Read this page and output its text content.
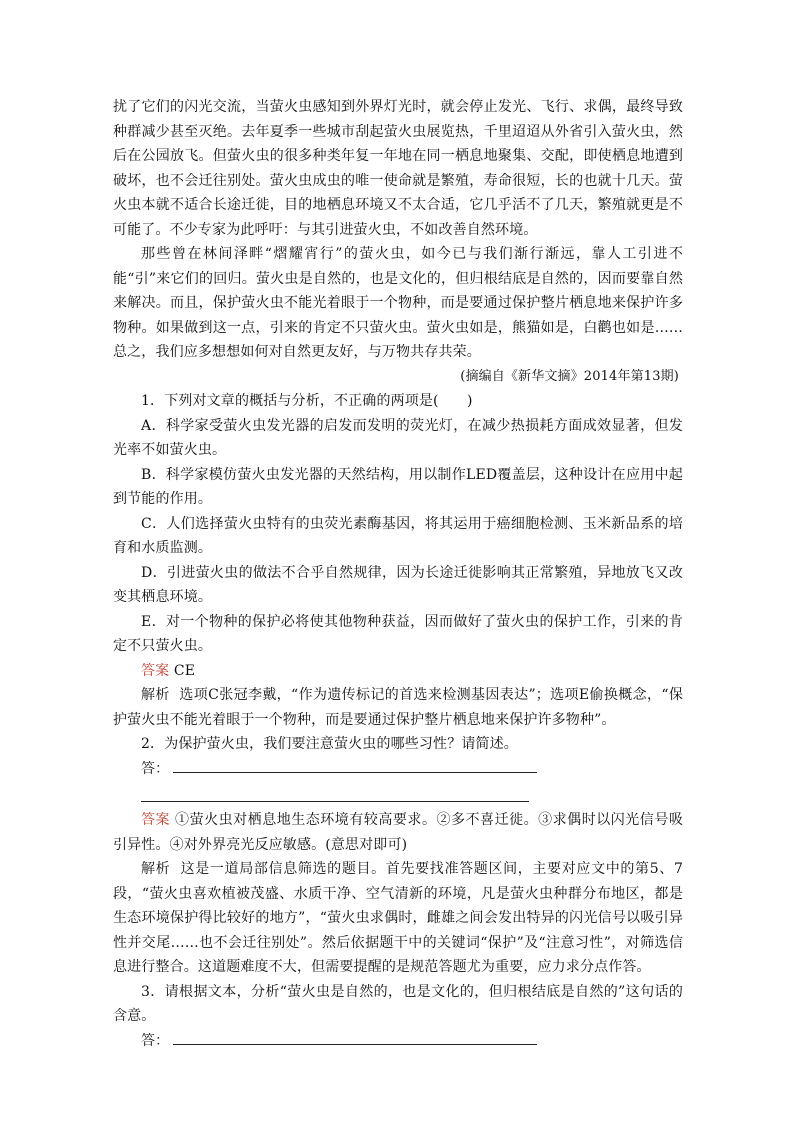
扰了它们的闪光交流，当萤火虫感知到外界灯光时，就会停止发光、飞行、求偶，最终导致种群减少甚至灭绝。去年夏季一些城市刮起萤火虫展览热，千里迢迢从外省引入萤火虫，然后在公园放飞。但萤火虫的很多种类年复一年地在同一栖息地聚集、交配，即使栖息地遭到破坏，也不会迁往别处。萤火虫成虫的唯一使命就是繁殖，寿命很短，长的也就十几天。萤火虫本就不适合长途迁徙，目的地栖息环境又不太合适，它几乎活不了几天，繁殖就更是不可能了。不少专家为此呼吁：与其引进萤火虫，不如改善自然环境。

那些曾在林间泽畔“熠耀宵行”的萤火虫，如今已与我们渐行渐远，靠人工引进不能“引”来它们的回归。萤火虫是自然的，也是文化的，但归根结底是自然的，因而要靠自然来解决。而且，保护萤火虫不能光着眼于一个物种，而是要通过保护整片栖息地来保护许多物种。如果做到这一点，引来的肯定不只萤火虫。萤火虫如是，熊猫如是，白鹳也如是……总之，我们应多想想如何对自然更友好，与万物共存共荣。

(摘编自《新华文摘》2014年第13期)

1．下列对文章的概括与分析，不正确的两项是(　　)

A．科学家受萤火虫发光器的启发而发明的荧光灯，在减少热损耗方面成效显著，但发光率不如萤火虫。

B．科学家模仿萤火虫发光器的天然结构，用以制作LED覆盖层，这种设计在应用中起到节能的作用。

C．人们选择萤火虫特有的虫荧光素酶基因，将其运用于癌细胞检测、玉米新品系的培育和水质监测。

D．引进萤火虫的做法不合乎自然规律，因为长途迁徙影响其正常繁殖，异地放飞又改变其栖息环境。

E．对一个物种的保护必将使其他物种获益，因而做好了萤火虫的保护工作，引来的肯定不只萤火虫。

答案 CE

解析 选项C张冠李戴，“作为遗传标记的首选来检测基因表达”；选项E偷换概念，“保护萤火虫不能光着眼于一个物种，而是要通过保护整片栖息地来保护许多物种”。

2．为保护萤火虫，我们要注意萤火虫的哪些习性？请简述。

答：

答案 ①萤火虫对栖息地生态环境有较高要求。②多不喜迁徙。③求偶时以闪光信号吸引异性。④对外界亮光反应敏感。(意思对即可)

解析 这是一道局部信息筛选的题目。首先要找准答题区间，主要对应文中的第5、7段，“萤火虫喜欢植被茂盛、水质干净、空气清新的环境，凡是萤火虫种群分布地区，都是生态环境保护得比较好的地方”，“萤火虫求偶时，雌雄之间会发出特异的闪光信号以吸引异性并交尾……也不会迁往别处”。然后依据题干中的关键词“保护”及“注意习性”，对筛选信息进行整合。这道题难度不大，但需要提醒的是规范答题尤为重要，应力求分点作答。

3．请根据文本，分析“萤火虫是自然的，也是文化的，但归根结底是自然的”这句话的含意。

答：
